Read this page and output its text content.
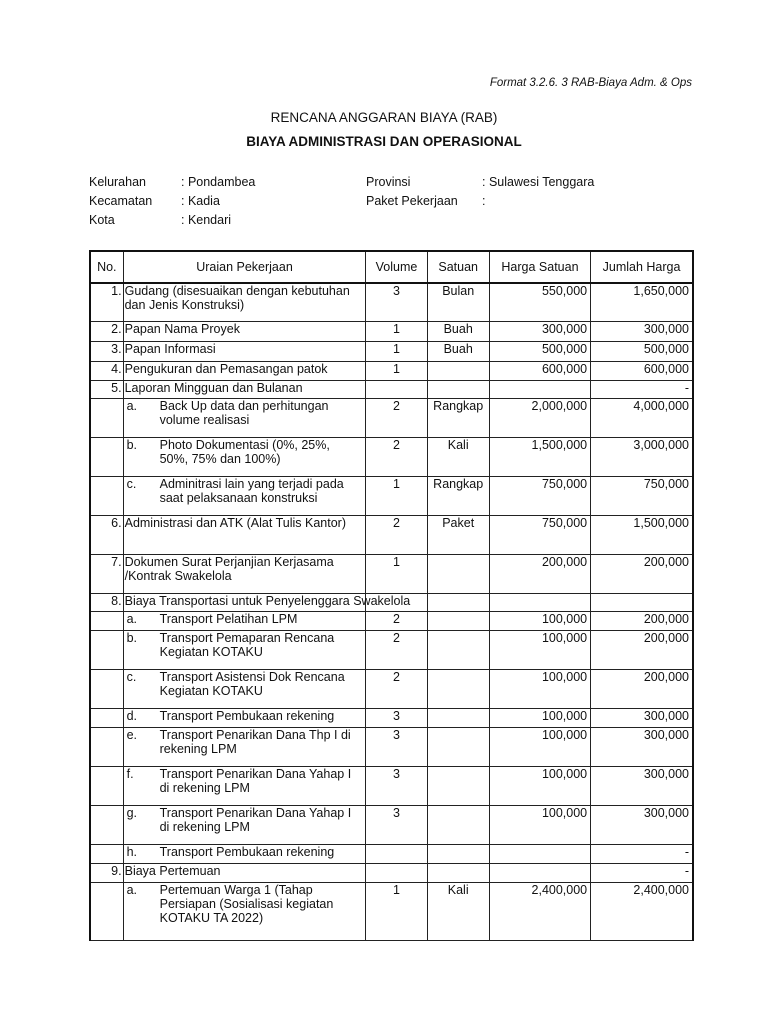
Format 3.2.6. 3 RAB-Biaya Adm. & Ops
RENCANA ANGGARAN BIAYA (RAB)
BIAYA ADMINISTRASI DAN OPERASIONAL
Kelurahan	: Pondambea
Kecamatan : Kadia
Kota	: Kendari
Provinsi	: Sulawesi Tenggara
Paket Pekerjaan :
No.	Uraian Pekerjaan	Volume	Satuan	Harga Satuan	Jumlah Harga
1.	Gudang (disesuaikan dengan kebutuhan dan Jenis Konstruksi)	3	Bulan	550,000	1,650,000
2.	Papan Nama Proyek	1	Buah	300,000	300,000
3.	Papan Informasi	1	Buah	500,000	500,000
4.	Pengukuran dan Pemasangan patok	1		600,000	600,000
5.	Laporan Mingguan dan Bulanan				-

	a. Back Up data dan perhitungan volume realisasi	2	Rangkap	2,000,000	4,000,000

	b. Photo Dokumentasi (0%, 25%, 50%, 75% dan 100%)	2	Kali	1,500,000	3,000,000

	c. Adminitrasi lain yang terjadi pada saat pelaksanaan konstruksi	1	Rangkap	750,000	750,000
6.	Administrasi dan ATK (Alat Tulis Kantor)	2	Paket	750,000	1,500,000
7.	Dokumen Surat Perjanjian Kerjasama /Kontrak Swakelola	1		200,000	200,000
8.	Biaya Transportasi untuk Penyelenggara Swakelola				

	a. Transport Pelatihan LPM	2		100,000	200,000

	b. Transport Pemaparan Rencana Kegiatan KOTAKU	2		100,000	200,000

	c. Transport Asistensi Dok Rencana Kegiatan KOTAKU	2		100,000	200,000

	d. Transport Pembukaan rekening	3		100,000	300,000

	e. Transport Penarikan Dana Thp I di rekening LPM	3		100,000	300,000

	f. Transport Penarikan Dana Yahap I di rekening LPM	3		100,000	300,000

	g. Transport Penarikan Dana Yahap I di rekening LPM	3		100,000	300,000

	h. Transport Pembukaan rekening				-
9.	Biaya Pertemuan				-

	a. Pertemuan Warga 1 (Tahap Persiapan (Sosialisasi kegiatan KOTAKU TA 2022)	1	Kali	2,400,000	2,400,000
